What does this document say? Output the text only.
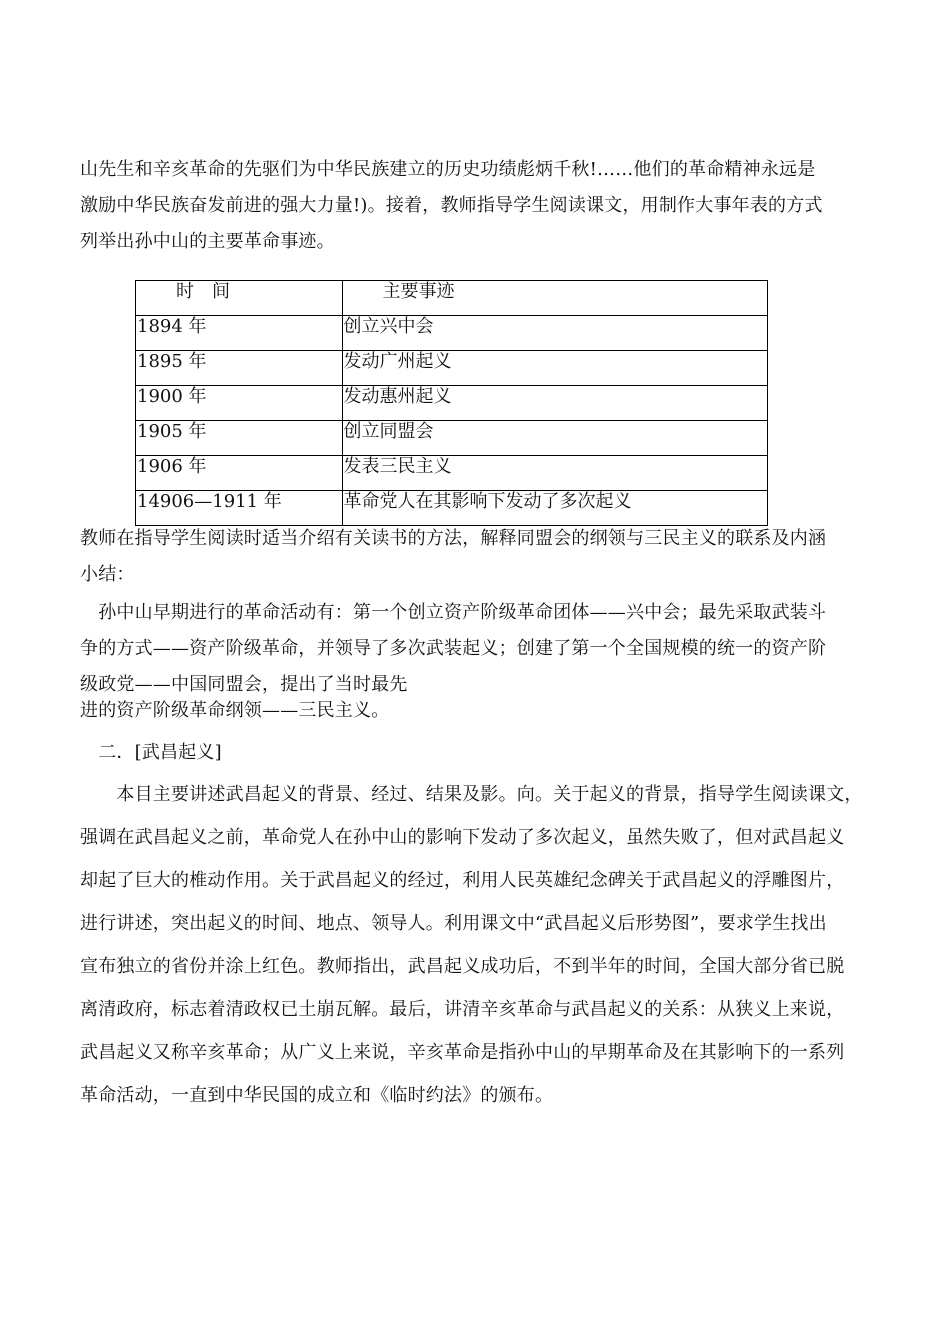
山先生和辛亥革命的先驱们为中华民族建立的历史功绩彪炳千秋!……他们的革命精神永远是
激励中华民族奋发前进的强大力量!)。接着，教师指导学生阅读课文，用制作大事年表的方式
列举出孙中山的主要革命事迹。
时　间	主要事迹
1894 年	创立兴中会
1895 年	发动广州起义
1900 年	发动惠州起义
1905 年	创立同盟会
1906 年	发表三民主义
14906—1911 年	革命党人在其影响下发动了多次起义
教师在指导学生阅读时适当介绍有关读书的方法，解释同盟会的纲领与三民主义的联系及内涵
小结：
　孙中山早期进行的革命活动有：第一个创立资产阶级革命团体——兴中会；最先采取武装斗
争的方式——资产阶级革命，并领导了多次武装起义；创建了第一个全国规模的统一的资产阶
级政党——中国同盟会，提出了当时最先
进的资产阶级革命纲领——三民主义。
　二．[武昌起义]
　　本目主要讲述武昌起义的背景、经过、结果及影。向。关于起义的背景，指导学生阅读课文，
强调在武昌起义之前，革命党人在孙中山的影响下发动了多次起义，虽然失败了，但对武昌起义
却起了巨大的椎动作用。关于武昌起义的经过，利用人民英雄纪念碑关于武昌起义的浮雕图片，
进行讲述，突出起义的时间、地点、领导人。利用课文中“武昌起义后形势图”，要求学生找出
宣布独立的省份并涂上红色。教师指出，武昌起义成功后，不到半年的时间，全国大部分省已脱
离清政府，标志着清政权已土崩瓦解。最后，讲清辛亥革命与武昌起义的关系：从狭义上来说，
武昌起义又称辛亥革命；从广义上来说，辛亥革命是指孙中山的早期革命及在其影响下的一系列
革命活动，一直到中华民国的成立和《临时约法》的颁布。
